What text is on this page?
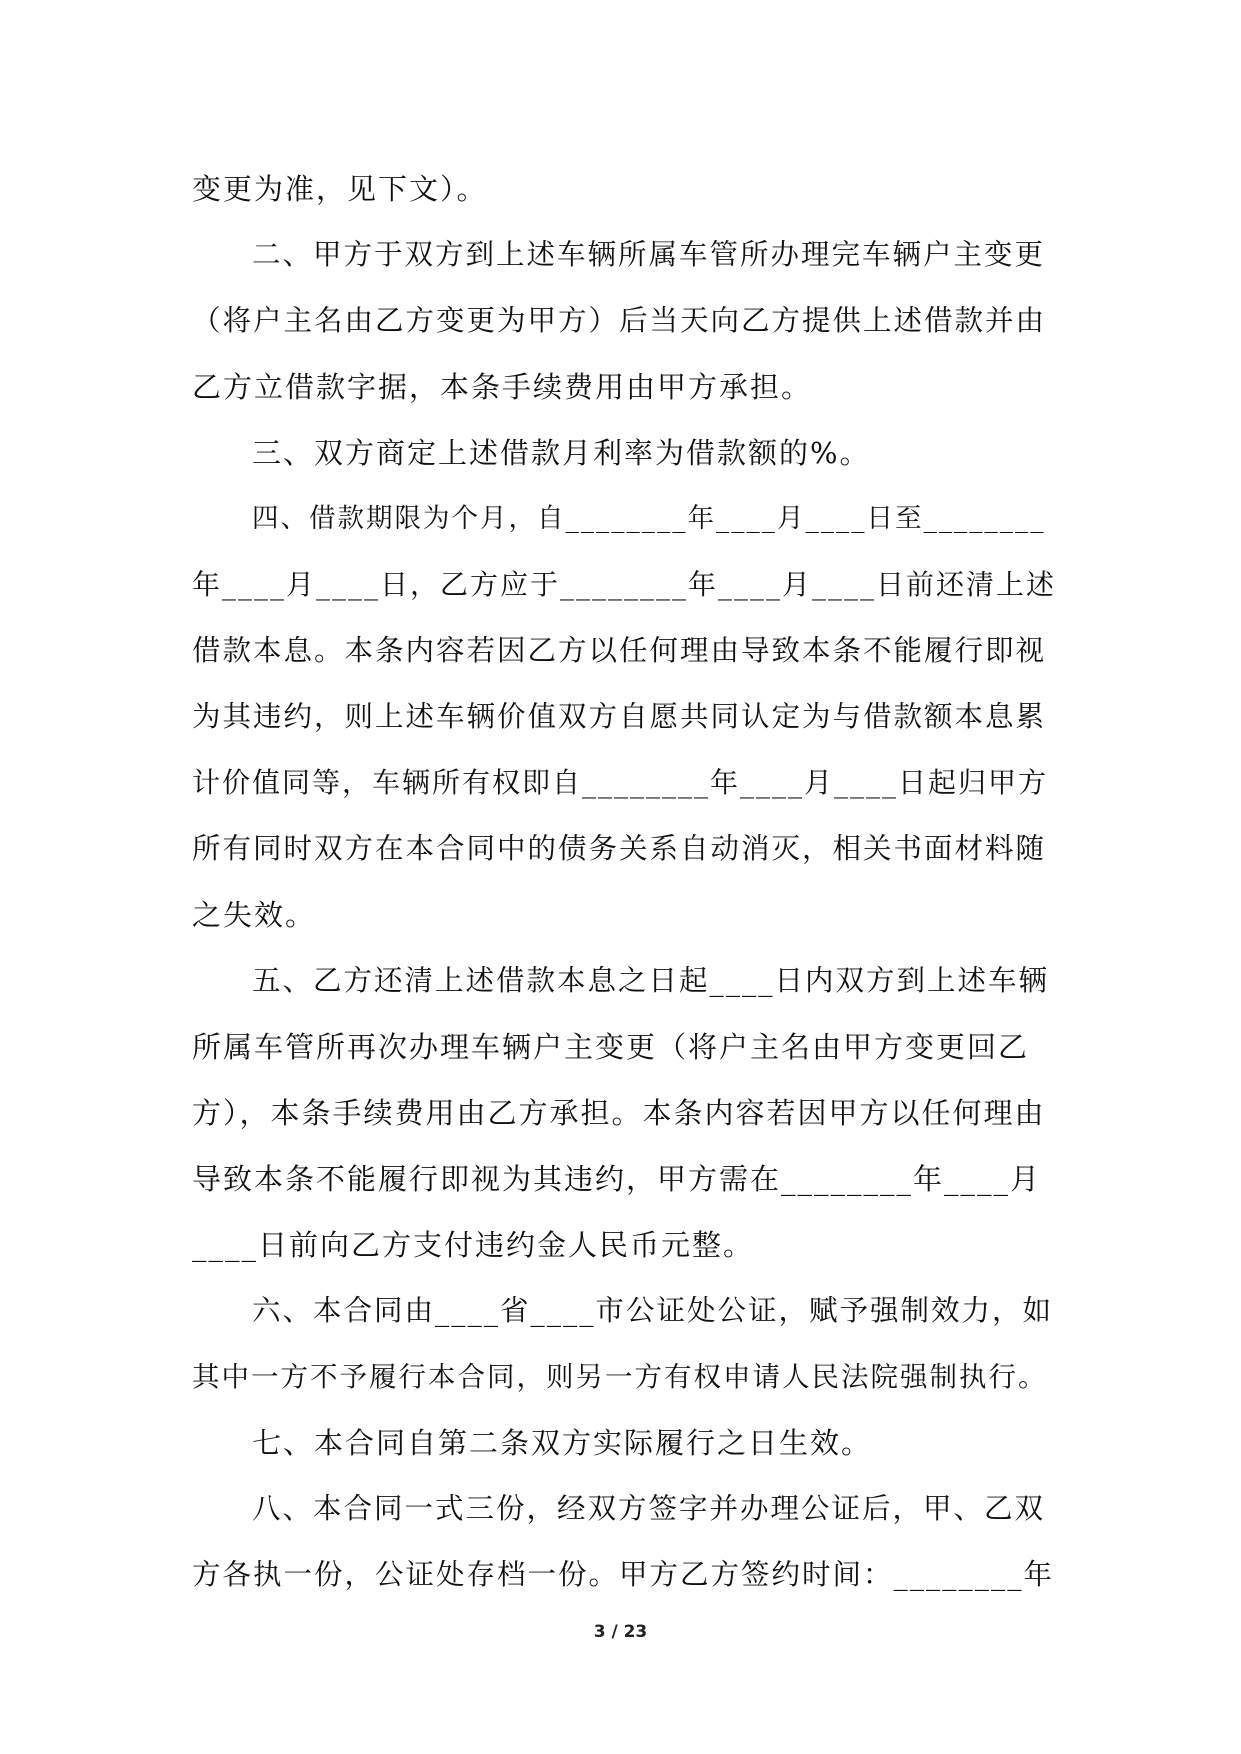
变更为准，见下文）。
二、甲方于双方到上述车辆所属车管所办理完车辆户主变更
（将户主名由乙方变更为甲方）后当天向乙方提供上述借款并由
乙方立借款字据，本条手续费用由甲方承担。
三、双方商定上述借款月利率为借款额的%。
四、借款期限为个月，自________年____月____日至________
年____月____日，乙方应于________年____月____日前还清上述
借款本息。本条内容若因乙方以任何理由导致本条不能履行即视
为其违约，则上述车辆价值双方自愿共同认定为与借款额本息累
计价值同等，车辆所有权即自________年____月____日起归甲方
所有同时双方在本合同中的债务关系自动消灭，相关书面材料随
之失效。
五、乙方还清上述借款本息之日起____日内双方到上述车辆
所属车管所再次办理车辆户主变更（将户主名由甲方变更回乙
方），本条手续费用由乙方承担。本条内容若因甲方以任何理由
导致本条不能履行即视为其违约，甲方需在________年____月
____日前向乙方支付违约金人民币元整。
六、本合同由____省____市公证处公证，赋予强制效力，如
其中一方不予履行本合同，则另一方有权申请人民法院强制执行。
七、本合同自第二条双方实际履行之日生效。
八、本合同一式三份，经双方签字并办理公证后，甲、乙双
方各执一份，公证处存档一份。甲方乙方签约时间：________年
3 / 23
